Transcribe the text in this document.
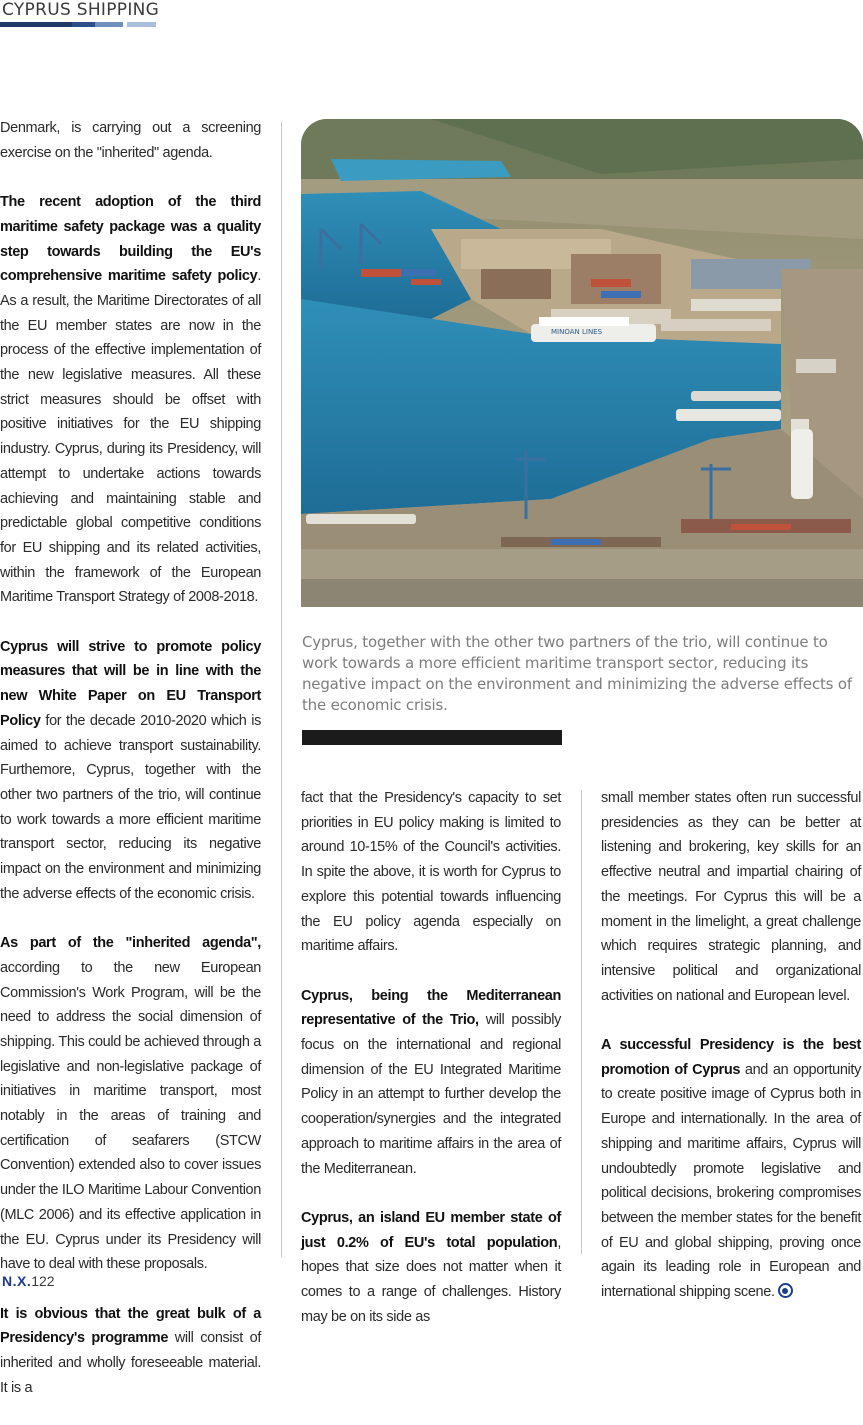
CYPRUS SHIPPING

Denmark, is carrying out a screening exercise on the "inherited" agenda.

The recent adoption of the third maritime safety package was a quality step towards building the EU's comprehensive maritime safety policy. As a result, the Maritime Directorates of all the EU member states are now in the process of the effective implementation of the new legislative measures. All these strict measures should be offset with positive initiatives for the EU shipping industry. Cyprus, during its Presidency, will attempt to undertake actions towards achieving and maintaining stable and predictable global competitive conditions for EU shipping and its related activities, within the framework of the European Maritime Transport Strategy of 2008-2018.

Cyprus will strive to promote policy measures that will be in line with the new White Paper on EU Transport Policy for the decade 2010-2020 which is aimed to achieve transport sustainability. Furthemore, Cyprus, together with the other two partners of the trio, will continue to work towards a more efficient maritime transport sector, reducing its negative impact on the environment and minimizing the adverse effects of the economic crisis.

As part of the "inherited agenda", according to the new European Commission's Work Program, will be the need to address the social dimension of shipping. This could be achieved through a legislative and non-legislative package of initiatives in maritime transport, most notably in the areas of training and certification of seafarers (STCW Convention) extended also to cover issues under the ILO Maritime Labour Convention (MLC 2006) and its effective application in the EU. Cyprus under its Presidency will have to deal with these proposals.

It is obvious that the great bulk of a Presidency's programme will consist of inherited and wholly foreseeable material. It is a

MINOAN LINES
Cyprus, together with the other two partners of the trio, will continue to work towards a more efficient maritime transport sector, reducing its negative impact on the environment and minimizing the adverse effects of the economic crisis.

fact that the Presidency's capacity to set priorities in EU policy making is limited to around 10-15% of the Council's activities. In spite the above, it is worth for Cyprus to explore this potential towards influencing the EU policy agenda especially on maritime affairs.

Cyprus, being the Mediterranean representative of the Trio, will possibly focus on the international and regional dimension of the EU Integrated Maritime Policy in an attempt to further develop the cooperation/synergies and the integrated approach to maritime affairs in the area of the Mediterranean.

Cyprus, an island EU member state of just 0.2% of EU's total population, hopes that size does not matter when it comes to a range of challenges. History may be on its side as

small member states often run successful presidencies as they can be better at listening and brokering, key skills for an effective neutral and impartial chairing of the meetings. For Cyprus this will be a moment in the limelight, a great challenge which requires strategic planning, and intensive political and organizational activities on national and European level.

A successful Presidency is the best promotion of Cyprus and an opportunity to create positive image of Cyprus both in Europe and internationally. In the area of shipping and maritime affairs, Cyprus will undoubtedly promote legislative and political decisions, brokering compromises between the member states for the benefit of EU and global shipping, proving once again its leading role in European and international shipping scene.

N.X.122
